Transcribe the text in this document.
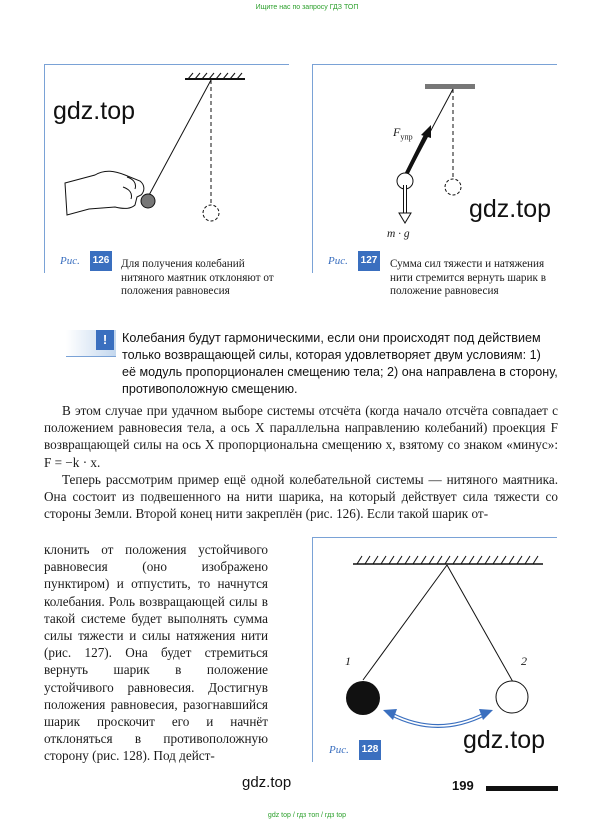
Ищите нас по запросу ГДЗ ТОП
gdz.top
Рис. 126 Для получения колебаний нитяного маятник отклоняют от положения равновесия
$F_{упр}$
m · g
gdz.top
Рис. 127 Сумма сил тяжести и натяжения нити стремится вернуть шарик в положение равновесия
!	Колебания будут гармоническими, если они происходят под действием только возвращающей силы, которая удовлетворяет двум условиям: 1) её модуль пропорционален смещению тела; 2) она направлена в сторону, противоположную смещению.

В этом случае при удачном выборе системы отсчёта (когда начало отсчёта совпадает с положением равновесия тела, а ось X параллельна направлению колебаний) проекция F возвращающей силы на ось X пропорциональна смещению x, взятому со знаком «минус»: F = −k · x.

Теперь рассмотрим пример ещё одной колебательной системы — нитяного маятника. Она состоит из подвешенного на нити шарика, на который действует сила тяжести со стороны Земли. Второй конец нити закреплён (рис. 126). Если такой шарик от-

клонить от положения устойчивого равновесия (оно изображено пунктиром) и отпустить, то начнутся колебания. Роль возвращающей силы в такой системе будет выполнять сумма силы тяжести и силы натяжения нити (рис. 127). Она будет стремиться вернуть шарик в положение устойчивого равновесия. Достигнув положения равновесия, разогнавшийся шарик проскочит его и начнёт отклоняться в противоположную сторону (рис. 128). Под дейст-
1	2
Рис. 128	gdz.top
gdz.top	199
gdz top / гдз топ / гдз top
